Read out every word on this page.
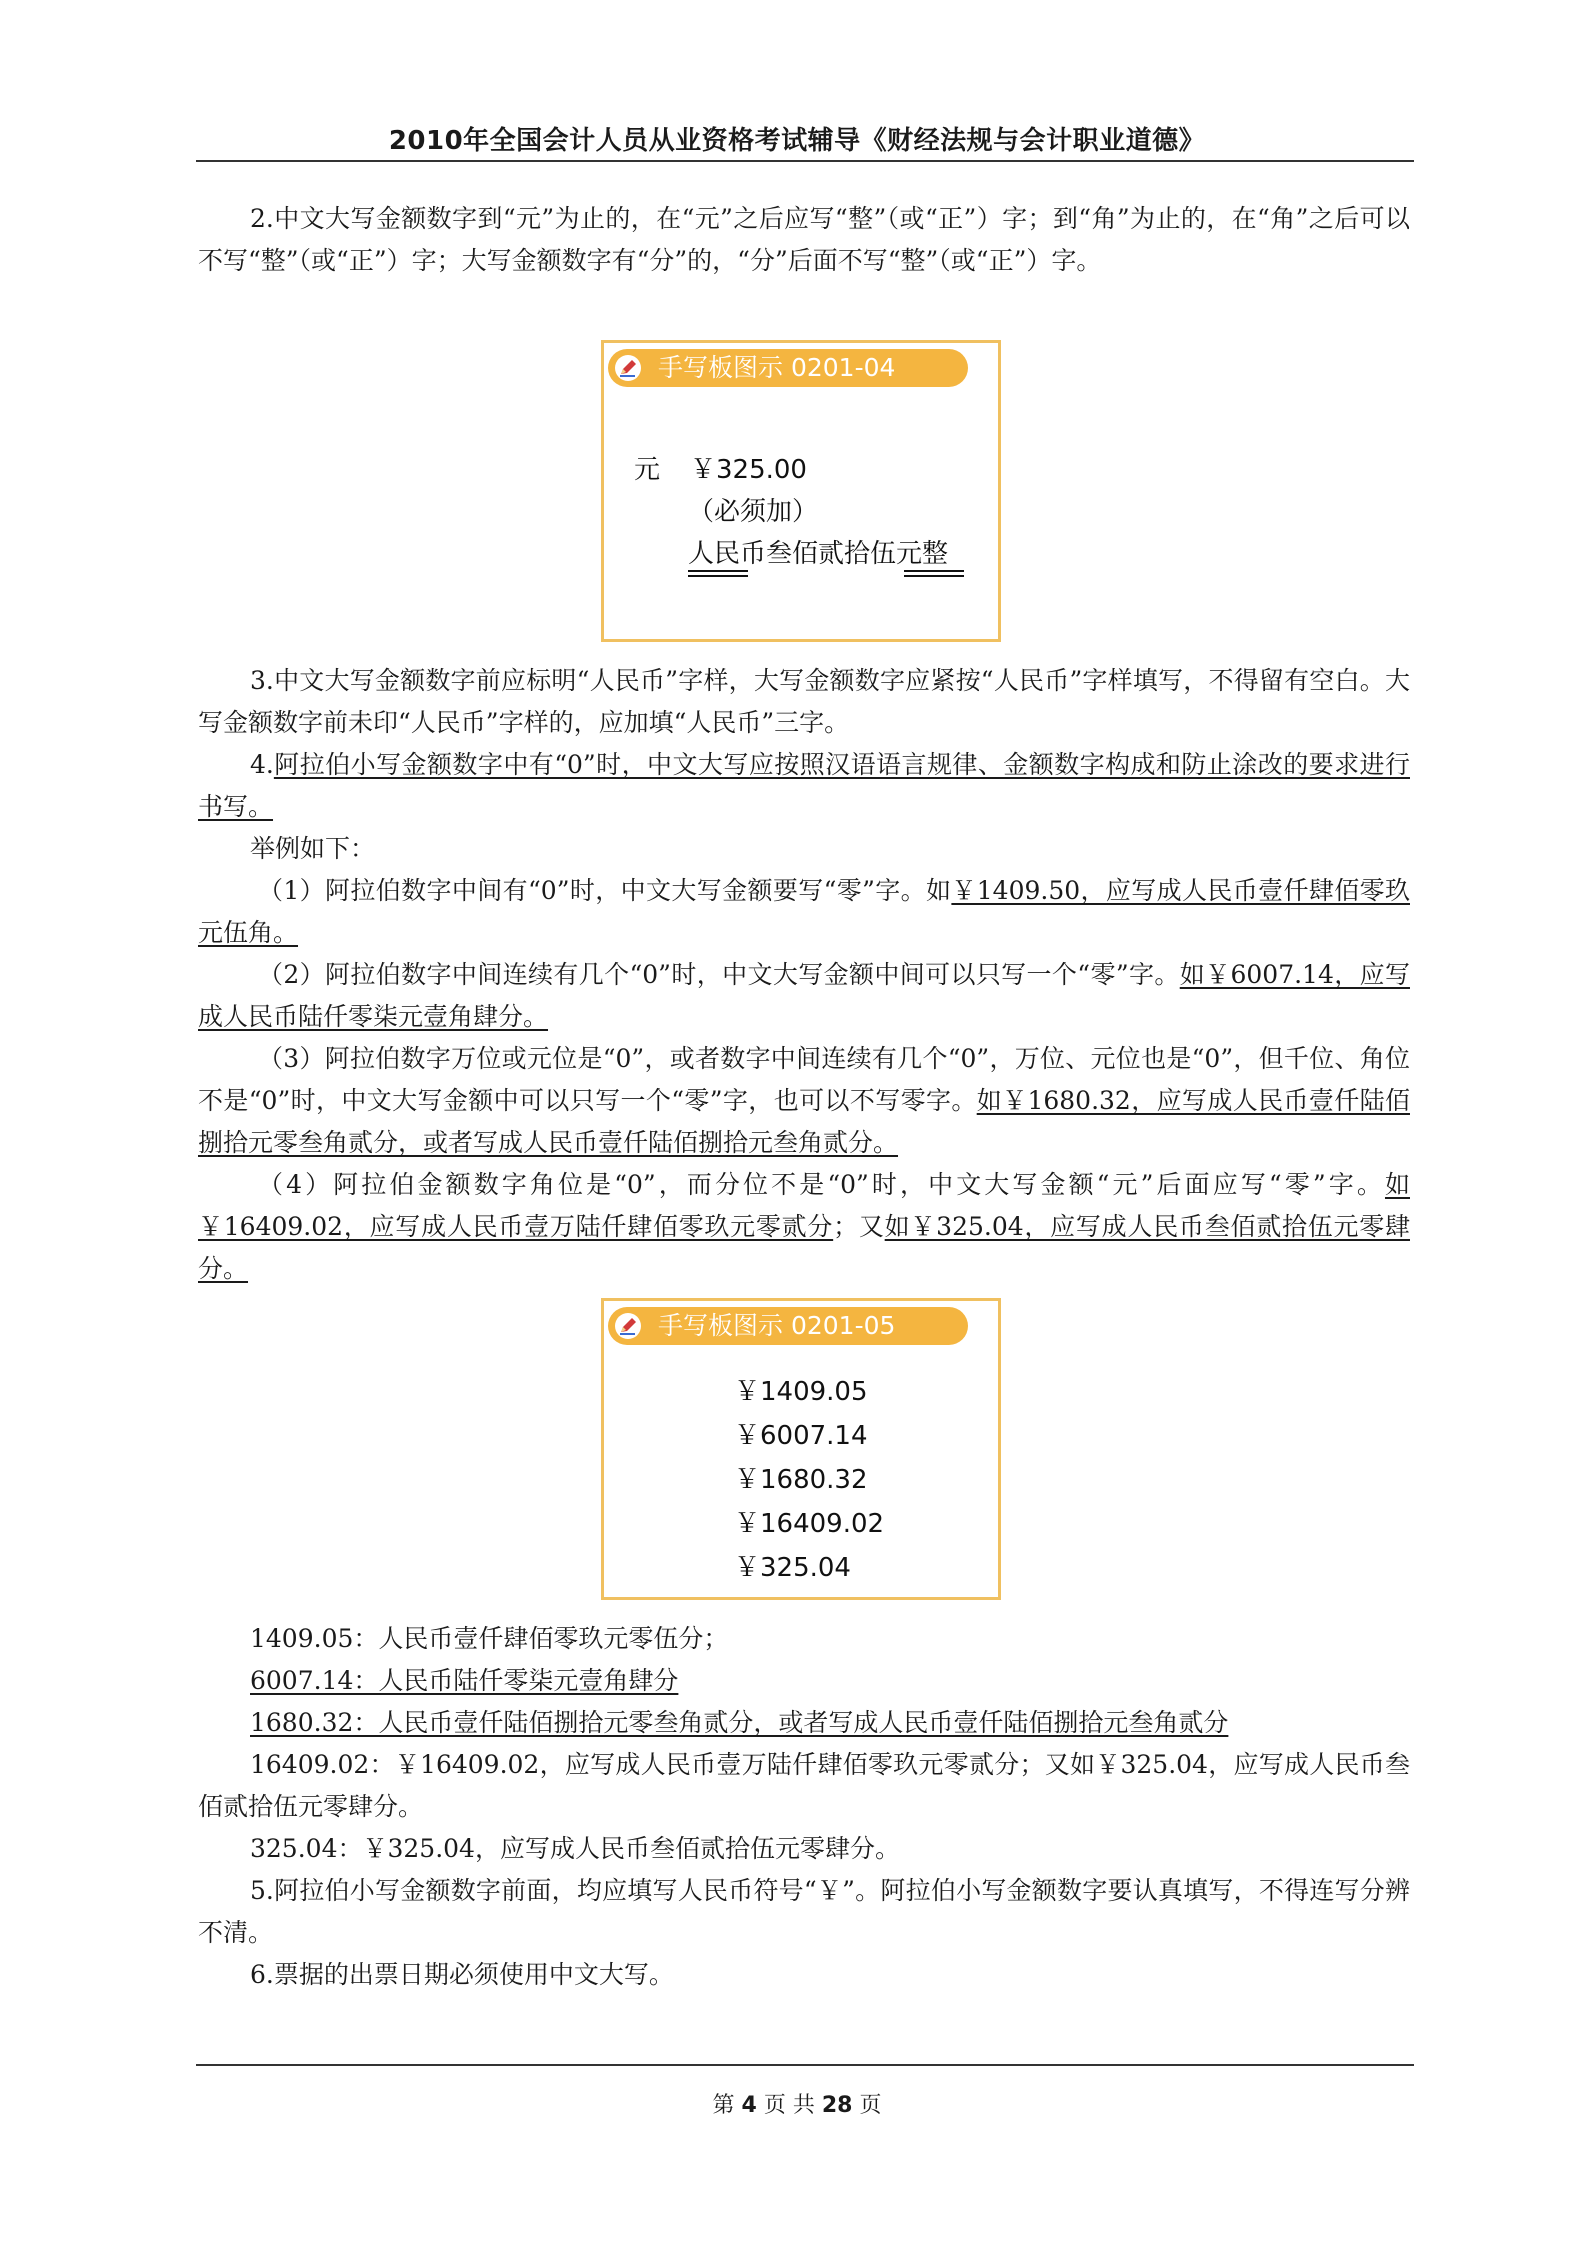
2010年全国会计人员从业资格考试辅导《财经法规与会计职业道德》

2.中文大写金额数字到“元”为止的，在“元”之后应写“整”（或“正”）字；到“角”为止的，在“角”之后可以不写“整”（或“正”）字；大写金额数字有“分”的，“分”后面不写“整”（或“正”）字。

手写板图示 0201-04
元 ￥325.00
（必须加）
人民币叁佰贰拾伍元整

3.中文大写金额数字前应标明“人民币”字样，大写金额数字应紧按“人民币”字样填写，不得留有空白。大写金额数字前未印“人民币”字样的，应加填“人民币”三字。

4.阿拉伯小写金额数字中有“0”时，中文大写应按照汉语语言规律、金额数字构成和防止涂改的要求进行书写。

举例如下：

（1）阿拉伯数字中间有“0”时，中文大写金额要写“零”字。如￥1409.50，应写成人民币壹仟肆佰零玖元伍角。

（2）阿拉伯数字中间连续有几个“0”时，中文大写金额中间可以只写一个“零”字。如￥6007.14，应写成人民币陆仟零柒元壹角肆分。

（3）阿拉伯数字万位或元位是“0”，或者数字中间连续有几个“0”，万位、元位也是“0”，但千位、角位不是“0”时，中文大写金额中可以只写一个“零”字，也可以不写零字。如￥1680.32，应写成人民币壹仟陆佰捌拾元零叁角贰分，或者写成人民币壹仟陆佰捌拾元叁角贰分。

（4）阿拉伯金额数字角位是“0”，而分位不是“0”时，中文大写金额“元”后面应写“零”字。如￥16409.02，应写成人民币壹万陆仟肆佰零玖元零贰分；又如￥325.04，应写成人民币叁佰贰拾伍元零肆分。

手写板图示 0201-05
￥1409.05
￥6007.14
￥1680.32
￥16409.02
￥325.04

1409.05：人民币壹仟肆佰零玖元零伍分；

6007.14：人民币陆仟零柒元壹角肆分

1680.32：人民币壹仟陆佰捌拾元零叁角贰分，或者写成人民币壹仟陆佰捌拾元叁角贰分

16409.02：￥16409.02，应写成人民币壹万陆仟肆佰零玖元零贰分；又如￥325.04，应写成人民币叁佰贰拾伍元零肆分。

325.04：￥325.04，应写成人民币叁佰贰拾伍元零肆分。

5.阿拉伯小写金额数字前面，均应填写人民币符号“￥”。阿拉伯小写金额数字要认真填写，不得连写分辨不清。

6.票据的出票日期必须使用中文大写。

第 4 页 共 28 页
